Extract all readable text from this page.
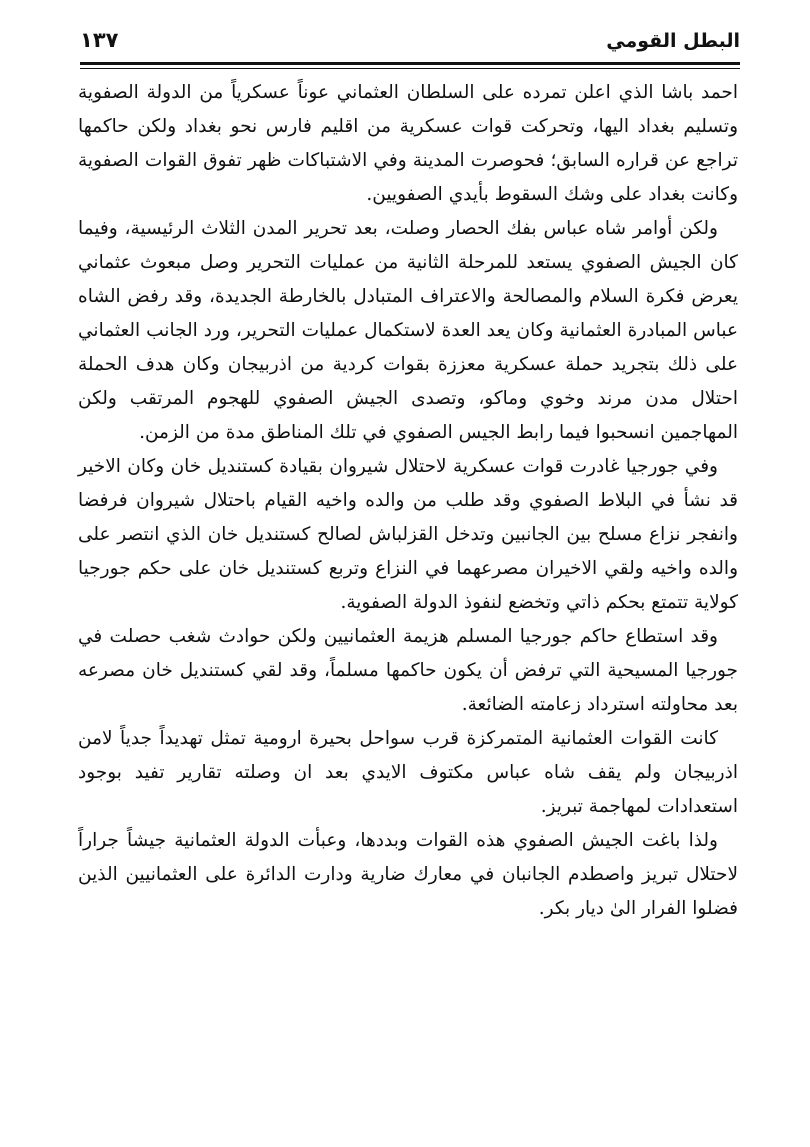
البطل القومي
١٣٧

احمد باشا الذي اعلن تمرده على السلطان العثماني عوناً عسكرياً من الدولة الصفوية وتسليم بغداد اليها، وتحركت قوات عسكرية من اقليم فارس نحو بغداد ولكن حاكمها تراجع عن قراره السابق؛ فحوصرت المدينة وفي الاشتباكات ظهر تفوق القوات الصفوية وكانت بغداد على وشك السقوط بأيدي الصفويين.

ولكن أوامر شاه عباس بفك الحصار وصلت، بعد تحرير المدن الثلاث الرئيسية، وفيما كان الجيش الصفوي يستعد للمرحلة الثانية من عمليات التحرير وصل مبعوث عثماني يعرض فكرة السلام والمصالحة والاعتراف المتبادل بالخارطة الجديدة، وقد رفض الشاه عباس المبادرة العثمانية وكان يعد العدة لاستكمال عمليات التحرير، ورد الجانب العثماني على ذلك بتجريد حملة عسكرية معززة بقوات كردية من اذربيجان وكان هدف الحملة احتلال مدن مرند وخوي وماكو، وتصدى الجيش الصفوي للهجوم المرتقب ولكن المهاجمين انسحبوا فيما رابط الجيس الصفوي في تلك المناطق مدة من الزمن.

وفي جورجيا غادرت قوات عسكرية لاحتلال شيروان بقيادة كستنديل خان وكان الاخير قد نشأ في البلاط الصفوي وقد طلب من والده واخيه القيام باحتلال شيروان فرفضا وانفجر نزاع مسلح بين الجانبين وتدخل القزلباش لصالح كستنديل خان الذي انتصر على والده واخيه ولقي الاخيران مصرعهما في النزاع وتربع كستنديل خان على حكم جورجيا كولاية تتمتع بحكم ذاتي وتخضع لنفوذ الدولة الصفوية.

وقد استطاع حاكم جورجيا المسلم هزيمة العثمانيين ولكن حوادث شغب حصلت في جورجيا المسيحية التي ترفض أن يكون حاكمها مسلماً، وقد لقي كستنديل خان مصرعه بعد محاولته استرداد زعامته الضائعة.

كانت القوات العثمانية المتمركزة قرب سواحل بحيرة ارومية تمثل تهديداً جدياً لامن اذربيجان ولم يقف شاه عباس مكتوف الايدي بعد ان وصلته تقارير تفيد بوجود استعدادات لمهاجمة تبريز.

ولذا باغت الجيش الصفوي هذه القوات وبددها، وعبأت الدولة العثمانية جيشاً جراراً لاحتلال تبريز واصطدم الجانبان في معارك ضارية ودارت الدائرة على العثمانيين الذين فضلوا الفرار الىٰ ديار بكر.
